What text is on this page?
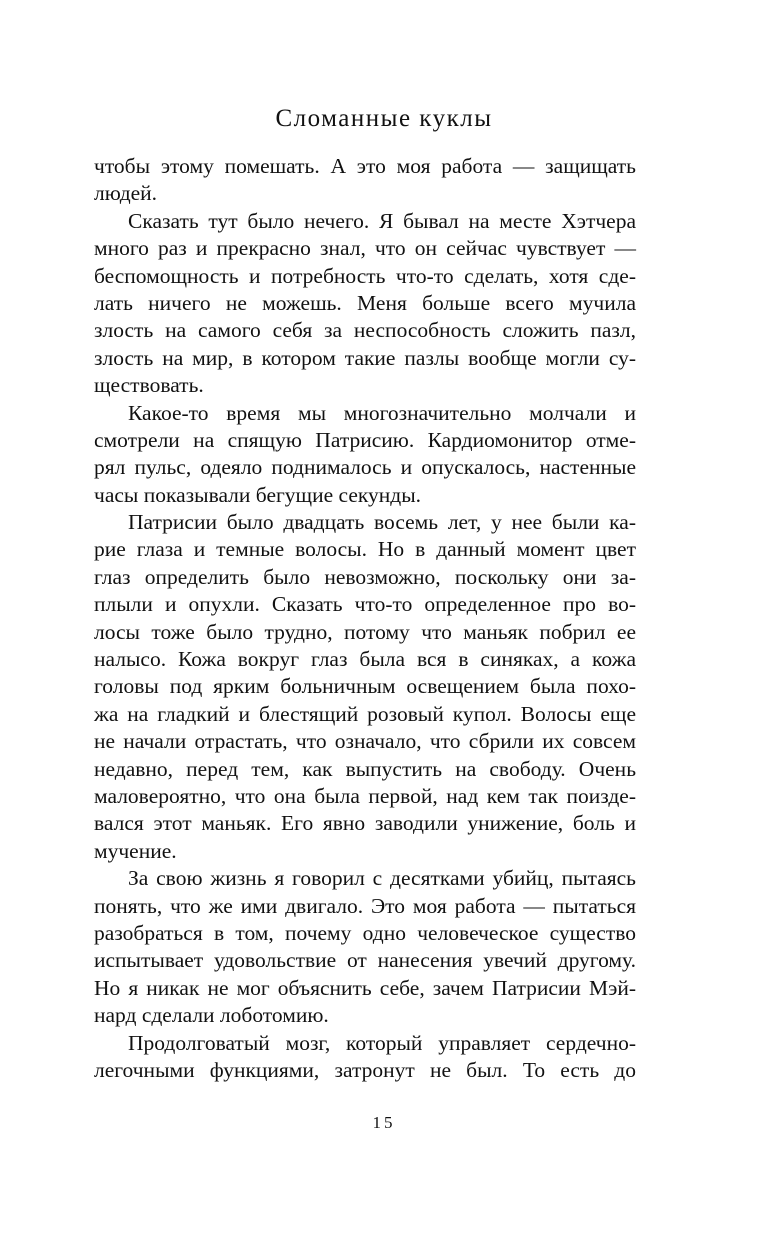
Сломанные куклы
чтобы этому помешать. А это моя работа — защищать
людей.
Сказать тут было нечего. Я бывал на месте Хэтчера
много раз и прекрасно знал, что он сейчас чувствует —
беспомощность и потребность что-то сделать, хотя сде-
лать ничего не можешь. Меня больше всего мучила
злость на самого себя за неспособность сложить пазл,
злость на мир, в котором такие пазлы вообще могли су-
ществовать.
Какое-то время мы многозначительно молчали и
смотрели на спящую Патрисию. Кардиомонитор отме-
рял пульс, одеяло поднималось и опускалось, настенные
часы показывали бегущие секунды.
Патрисии было двадцать восемь лет, у нее были ка-
рие глаза и темные волосы. Но в данный момент цвет
глаз определить было невозможно, поскольку они за-
плыли и опухли. Сказать что-то определенное про во-
лосы тоже было трудно, потому что маньяк побрил ее
налысо. Кожа вокруг глаз была вся в синяках, а кожа
головы под ярким больничным освещением была похо-
жа на гладкий и блестящий розовый купол. Волосы еще
не начали отрастать, что означало, что сбрили их совсем
недавно, перед тем, как выпустить на свободу. Очень
маловероятно, что она была первой, над кем так поизде-
вался этот маньяк. Его явно заводили унижение, боль и
мучение.
За свою жизнь я говорил с десятками убийц, пытаясь
понять, что же ими двигало. Это моя работа — пытаться
разобраться в том, почему одно человеческое существо
испытывает удовольствие от нанесения увечий другому.
Но я никак не мог объяснить себе, зачем Патрисии Мэй-
нард сделали лоботомию.
Продолговатый мозг, который управляет сердечно-
легочными функциями, затронут не был. То есть до
15
